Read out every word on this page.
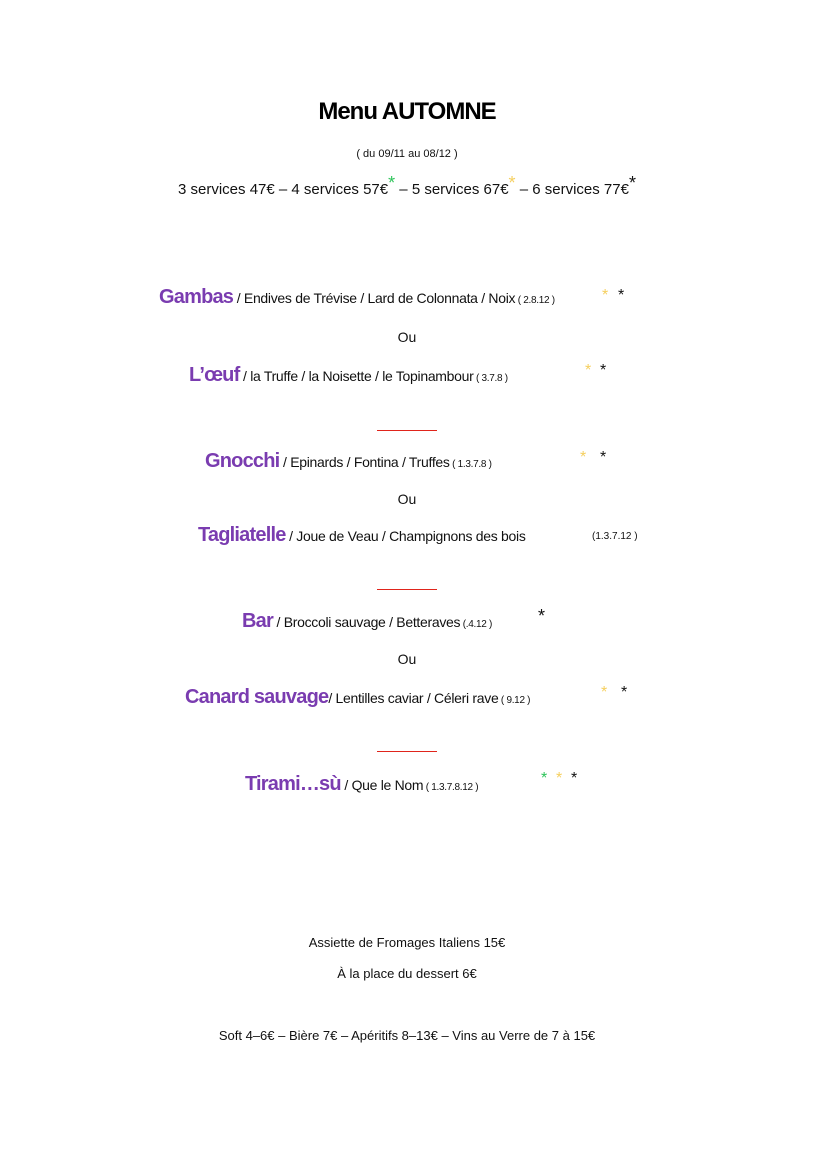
Menu AUTOMNE
( du 09/11 au 08/12 )
3 services 47€ – 4 services 57€* – 5 services 67€* – 6 services 77€*
Gambas / Endives de Trévise / Lard de Colonnata / Noix ( 2.8.12 )	* *
Ou
L’œuf / la Truffe / la Noisette / le Topinambour ( 3.7.8 )	* *
Gnocchi / Epinards / Fontina / Truffes ( 1.3.7.8 )	* *
Ou
Tagliatelle / Joue de Veau / Champignons des bois	(1.3.7.12 )
Bar / Broccoli sauvage / Betteraves (.4.12 )	*
Ou
Canard sauvage/ Lentilles caviar / Céleri rave ( 9.12 )	* *
Tirami…sù / Que le Nom ( 1.3.7.8.12 )
* * *
Assiette de Fromages Italiens 15€
À la place du dessert 6€
Soft 4–6€ – Bière 7€ – Apéritifs 8–13€ – Vins au Verre de 7 à 15€
